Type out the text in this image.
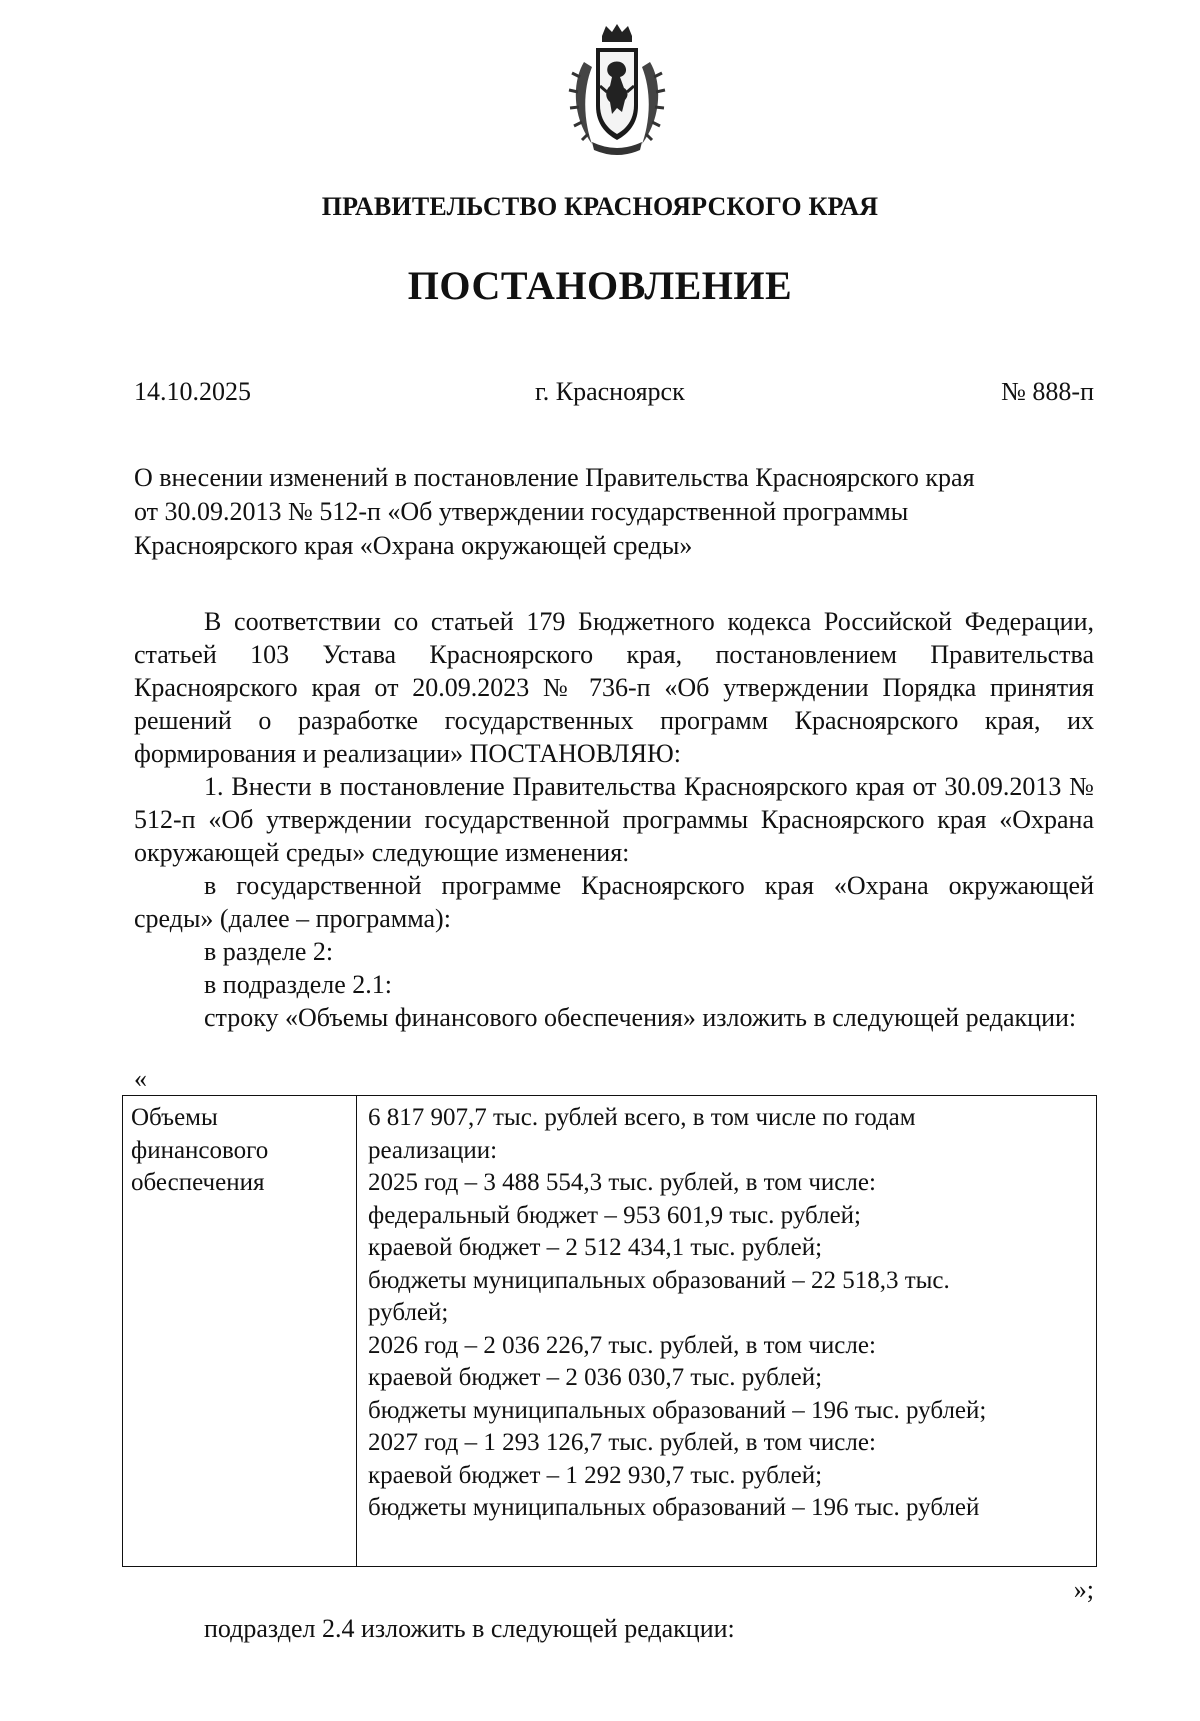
ПРАВИТЕЛЬСТВО КРАСНОЯРСКОГО КРАЯ
ПОСТАНОВЛЕНИЕ
14.10.2025	г. Красноярск	№ 888-п
О внесении изменений в постановление Правительства Красноярского края
от 30.09.2013 № 512-п «Об утверждении государственной программы
Красноярского края «Охрана окружающей среды»

В соответствии со статьей 179 Бюджетного кодекса Российской Федерации, статьей 103 Устава Красноярского края, постановлением Правительства Красноярского края от 20.09.2023 № 736-п «Об утверждении Порядка принятия решений о разработке государственных программ Красноярского края, их формирования и реализации» ПОСТАНОВЛЯЮ:

1. Внести в постановление Правительства Красноярского края от 30.09.2013 № 512-п «Об утверждении государственной программы Красноярского края «Охрана окружающей среды» следующие изменения:

в государственной программе Красноярского края «Охрана окружающей среды» (далее – программа):

в разделе 2:

в подразделе 2.1:

строку «Объемы финансового обеспечения» изложить в следующей редакции:

«
Объемы
финансового
обеспечения
6 817 907,7 тыс. рублей всего, в том числе по годам
реализации:
2025 год – 3 488 554,3 тыс. рублей, в том числе:
федеральный бюджет – 953 601,9 тыс. рублей;
краевой бюджет – 2 512 434,1 тыс. рублей;
бюджеты муниципальных образований – 22 518,3 тыс.
рублей;
2026 год – 2 036 226,7 тыс. рублей, в том числе:
краевой бюджет – 2 036 030,7 тыс. рублей;
бюджеты муниципальных образований – 196 тыс. рублей;
2027 год – 1 293 126,7 тыс. рублей, в том числе:
краевой бюджет – 1 292 930,7 тыс. рублей;
бюджеты муниципальных образований – 196 тыс. рублей
»;
подраздел 2.4 изложить в следующей редакции:
